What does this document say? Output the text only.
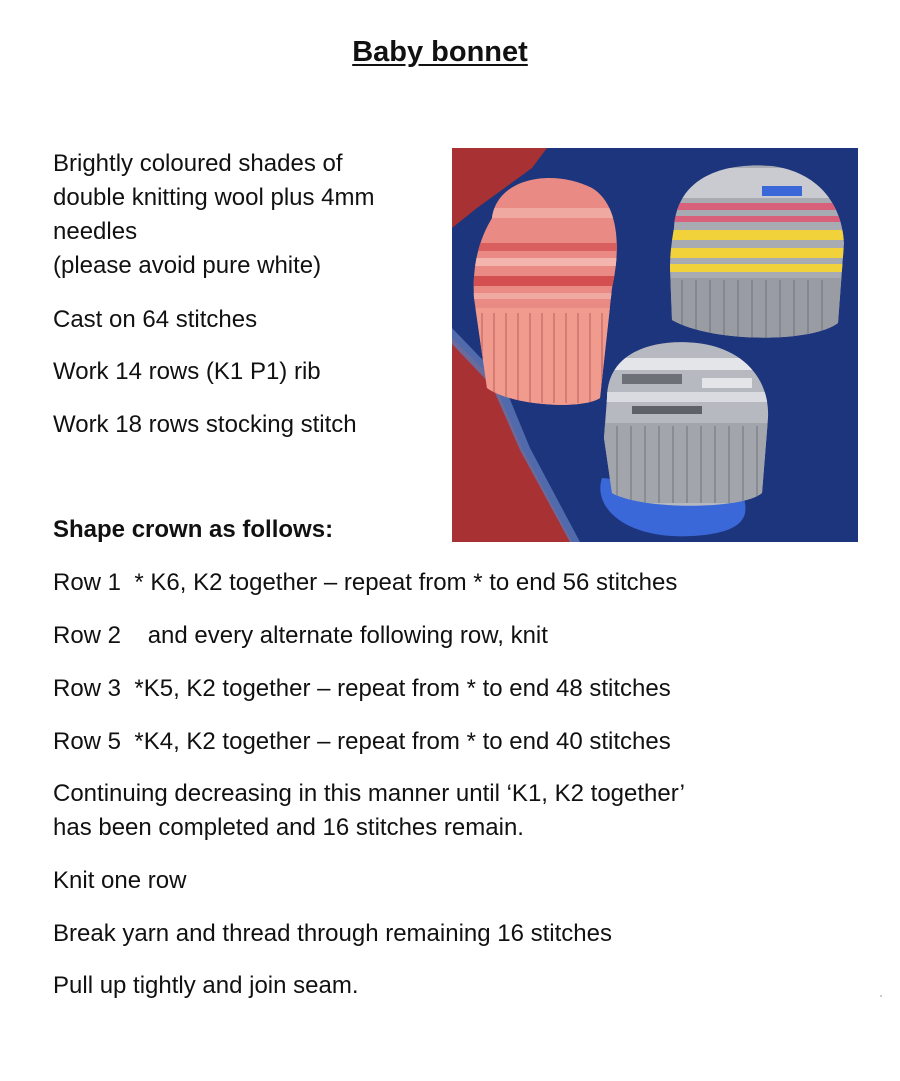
Baby bonnet
Brightly coloured shades of
double knitting wool plus 4mm
needles
(please avoid pure white)
Cast on 64 stitches
Work 14 rows (K1 P1) rib
Work 18 rows stocking stitch
Shape crown as follows:
Row 1 * K6, K2 together – repeat from * to end 56 stitches
Row 2 and every alternate following row, knit
Row 3 *K5, K2 together – repeat from * to end 48 stitches
Row 5 *K4, K2 together – repeat from * to end 40 stitches
Continuing decreasing in this manner until ‘K1, K2 together’
has been completed and 16 stitches remain.
Knit one row
Break yarn and thread through remaining 16 stitches
Pull up tightly and join seam.
